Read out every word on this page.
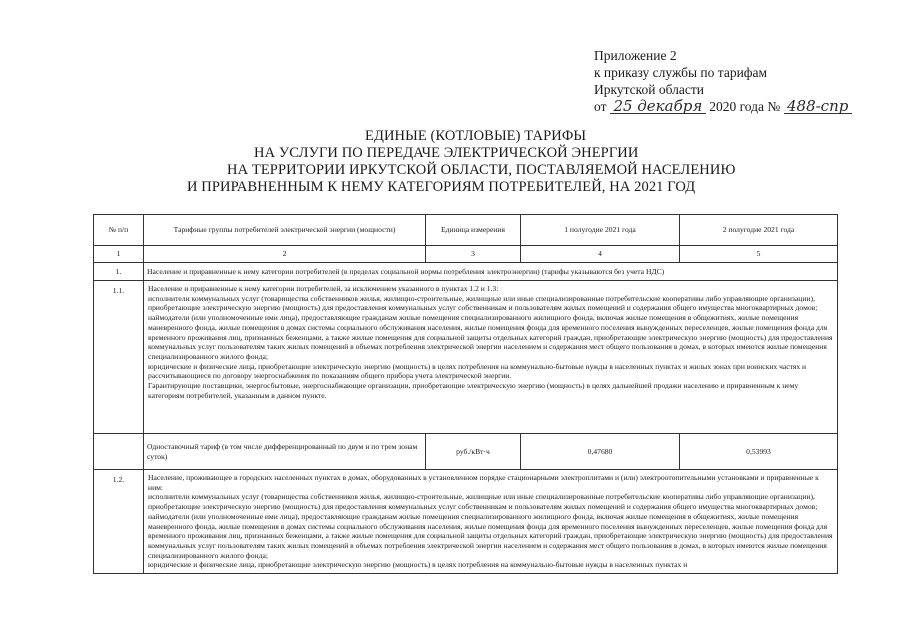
Приложение 2
к приказу службы по тарифам
Иркутской области
от 25 декабря 2020 года № 488-спр
ЕДИНЫЕ (КОТЛОВЫЕ) ТАРИФЫ
НА УСЛУГИ ПО ПЕРЕДАЧЕ ЭЛЕКТРИЧЕСКОЙ ЭНЕРГИИ
НА ТЕРРИТОРИИ ИРКУТСКОЙ ОБЛАСТИ, ПОСТАВЛЯЕМОЙ НАСЕЛЕНИЮ
И ПРИРАВНЕННЫМ К НЕМУ КАТЕГОРИЯМ ПОТРЕБИТЕЛЕЙ, НА 2021 ГОД
№ п/п	Тарифные группы потребителей электрической энергии (мощности)	Единица измерения	1 полугодие 2021 года	2 полугодие 2021 года
1	2	3	4	5
1.	Население и приравненные к нему категории потребителей (в пределах социальной нормы потребления электроэнергии) (тарифы указываются без учета НДС)			
1.1.	Население и приравненные к нему категории потребителей, за исключением указанного в пунктах 1.2 и 1.3:

исполнители коммунальных услуг (товарищества собственников жилья, жилищно-строительные, жилищные или иные специализированные потребительские кооперативы либо управляющие организации), приобретающие электрическую энергию (мощность) для предоставления коммунальных услуг собственникам и пользователям жилых помещений и содержания общего имущества многоквартирных домов; наймодатели (или уполномоченные ими лица), предоставляющие гражданам жилые помещения специализированного жилищного фонда, включая жилые помещения в общежитиях, жилые помещения маневренного фонда, жилые помещения в домах системы социального обслуживания населения, жилые помещения фонда для временного поселения вынужденных переселенцев, жилые помещения фонда для временного проживания лиц, признанных беженцами, а также жилые помещения для социальной защиты отдельных категорий граждан, приобретающие электрическую энергию (мощность) для предоставления коммунальных услуг пользователям таких жилых помещений в объемах потребления электрической энергии населением и содержания мест общего пользования в домах, в которых имеются жилые помещения специализированного жилого фонда;

юридические и физические лица, приобретающие электрическую энергию (мощность) в целях потребления на коммунально-бытовые нужды в населенных пунктах и жилых зонах при воинских частях и рассчитывающиеся по договору энергоснабжения по показаниям общего прибора учета электрической энергии.

Гарантирующие поставщики, энергосбытовые, энергоснабжающие организации, приобретающие электрическую энергию (мощность) в целях дальнейшей продажи населению и приравненным к нему категориям потребителей, указанным в данном пункте.			

	Одноставочный тариф (в том числе дифференцированный по двум и по трем зонам суток)	руб./кВт·ч	0,47680	0,53993
1.2.	Население, проживающее в городских населенных пунктах в домах, оборудованных в установленном порядке стационарными электроплитами и (или) электроотопительными установками и приравненные к ним:

исполнители коммунальных услуг (товарищества собственников жилья, жилищно-строительные, жилищные или иные специализированные потребительские кооперативы либо управляющие организации), приобретающие электрическую энергию (мощность) для предоставления коммунальных услуг собственникам и пользователям жилых помещений и содержания общего имущества многоквартирных домов; наймодатели (или уполномоченные ими лица), предоставляющие гражданам жилые помещения специализированного жилищного фонда, включая жилые помещения в общежитиях, жилые помещения маневренного фонда, жилые помещения в домах системы социального обслуживания населения, жилые помещения фонда для временного поселения вынужденных переселенцев, жилые помещения фонда для временного проживания лиц, признанных беженцами, а также жилые помещения для социальной защиты отдельных категорий граждан, приобретающие электрическую энергию (мощность) для предоставления коммунальных услуг пользователям таких жилых помещений в объемах потребления электрической энергии населением и содержания мест общего пользования в домах, в которых имеются жилые помещения специализированного жилого фонда;

юридические и физические лица, приобретающие электрическую энергию (мощность) в целях потребления на коммунально-бытовые нужды в населенных пунктах и			
